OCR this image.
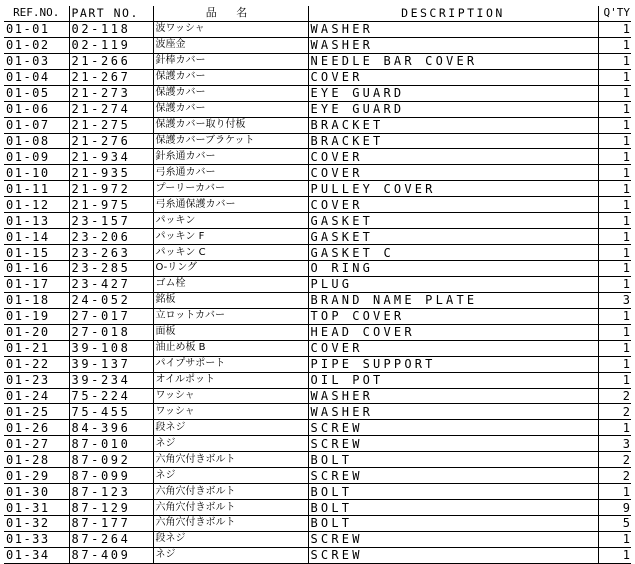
REF.NO.	PART NO.	品 名	DESCRIPTION	Q'TY
01-01	02-118	波ワッシャ	WASHER	1
01-02	02-119	波座金	WASHER	1
01-03	21-266	針棒カバー	NEEDLE BAR COVER	1
01-04	21-267	保護カバー	COVER	1
01-05	21-273	保護カバー	EYE GUARD	1
01-06	21-274	保護カバー	EYE GUARD	1
01-07	21-275	保護カバー取り付板	BRACKET	1
01-08	21-276	保護カバーブラケット	BRACKET	1
01-09	21-934	針糸通カバー	COVER	1
01-10	21-935	弓糸通カバー	COVER	1
01-11	21-972	プーリーカバー	PULLEY COVER	1
01-12	21-975	弓糸通保護カバー	COVER	1
01-13	23-157	パッキン	GASKET	1
01-14	23-206	パッキン F	GASKET	1
01-15	23-263	パッキン C	GASKET C	1
01-16	23-285	O-リング	O RING	1
01-17	23-427	ゴム栓	PLUG	1
01-18	24-052	銘板	BRAND NAME PLATE	3
01-19	27-017	立ロットカバー	TOP COVER	1
01-20	27-018	面板	HEAD COVER	1
01-21	39-108	油止め板 B	COVER	1
01-22	39-137	パイプサポート	PIPE SUPPORT	1
01-23	39-234	オイルポット	OIL POT	1
01-24	75-224	ワッシャ	WASHER	2
01-25	75-455	ワッシャ	WASHER	2
01-26	84-396	段ネジ	SCREW	1
01-27	87-010	ネジ	SCREW	3
01-28	87-092	六角穴付きボルト	BOLT	2
01-29	87-099	ネジ	SCREW	2
01-30	87-123	六角穴付きボルト	BOLT	1
01-31	87-129	六角穴付きボルト	BOLT	9
01-32	87-177	六角穴付きボルト	BOLT	5
01-33	87-264	段ネジ	SCREW	1
01-34	87-409	ネジ	SCREW	1
